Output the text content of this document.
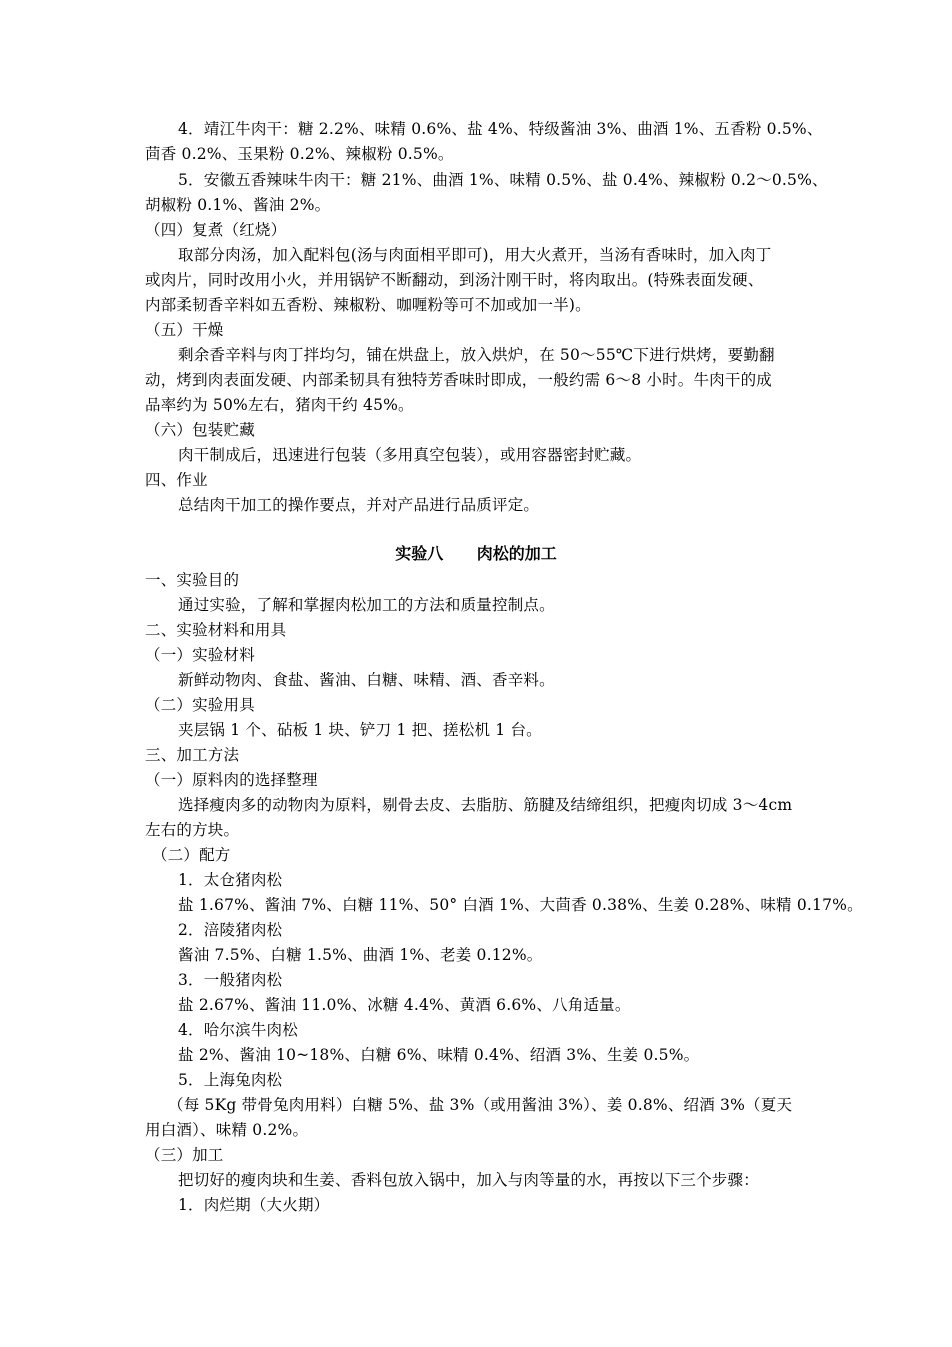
4．靖江牛肉干：糖 2.2%、味精 0.6%、盐 4%、特级酱油 3%、曲酒 1%、五香粉 0.5%、
茴香 0.2%、玉果粉 0.2%、辣椒粉 0.5%。
5．安徽五香辣味牛肉干：糖 21%、曲酒 1%、味精 0.5%、盐 0.4%、辣椒粉 0.2～0.5%、
胡椒粉 0.1%、酱油 2%。
（四）复煮（红烧）
取部分肉汤，加入配料包(汤与肉面相平即可)，用大火煮开，当汤有香味时，加入肉丁
或肉片，同时改用小火，并用锅铲不断翻动，到汤汁刚干时，将肉取出。(特殊表面发硬、
内部柔韧香辛料如五香粉、辣椒粉、咖喱粉等可不加或加一半)。
（五）干燥
剩余香辛料与肉丁拌均匀，铺在烘盘上，放入烘炉，在 50～55℃下进行烘烤，要勤翻
动，烤到肉表面发硬、内部柔韧具有独特芳香味时即成，一般约需 6～8 小时。牛肉干的成
品率约为 50%左右，猪肉干约 45%。
（六）包装贮藏
肉干制成后，迅速进行包装（多用真空包装），或用容器密封贮藏。
四、作业
总结肉干加工的操作要点，并对产品进行品质评定。
实验八      肉松的加工
一、实验目的
通过实验，了解和掌握肉松加工的方法和质量控制点。
二、实验材料和用具
（一）实验材料
新鲜动物肉、食盐、酱油、白糖、味精、酒、香辛料。
（二）实验用具
夹层锅 1 个、砧板 1 块、铲刀 1 把、搓松机 1 台。
三、加工方法
（一）原料肉的选择整理
选择瘦肉多的动物肉为原料，剔骨去皮、去脂肪、筋腱及结缔组织，把瘦肉切成 3～4cm
左右的方块。
（二）配方
1．太仓猪肉松
盐 1.67%、酱油 7%、白糖 11%、50° 白酒 1%、大茴香 0.38%、生姜 0.28%、味精 0.17%。
2．涪陵猪肉松
酱油 7.5%、白糖 1.5%、曲酒 1%、老姜 0.12%。
3．一般猪肉松
盐 2.67%、酱油 11.0%、冰糖 4.4%、黄酒 6.6%、八角适量。
4．哈尔滨牛肉松
盐 2%、酱油 10~18%、白糖 6%、味精 0.4%、绍酒 3%、生姜 0.5%。
5．上海兔肉松
（每 5Kg 带骨兔肉用料）白糖 5%、盐 3%（或用酱油 3%）、姜 0.8%、绍酒 3%（夏天
用白酒）、味精 0.2%。
（三）加工
把切好的瘦肉块和生姜、香料包放入锅中，加入与肉等量的水，再按以下三个步骤：
1．肉烂期（大火期）
